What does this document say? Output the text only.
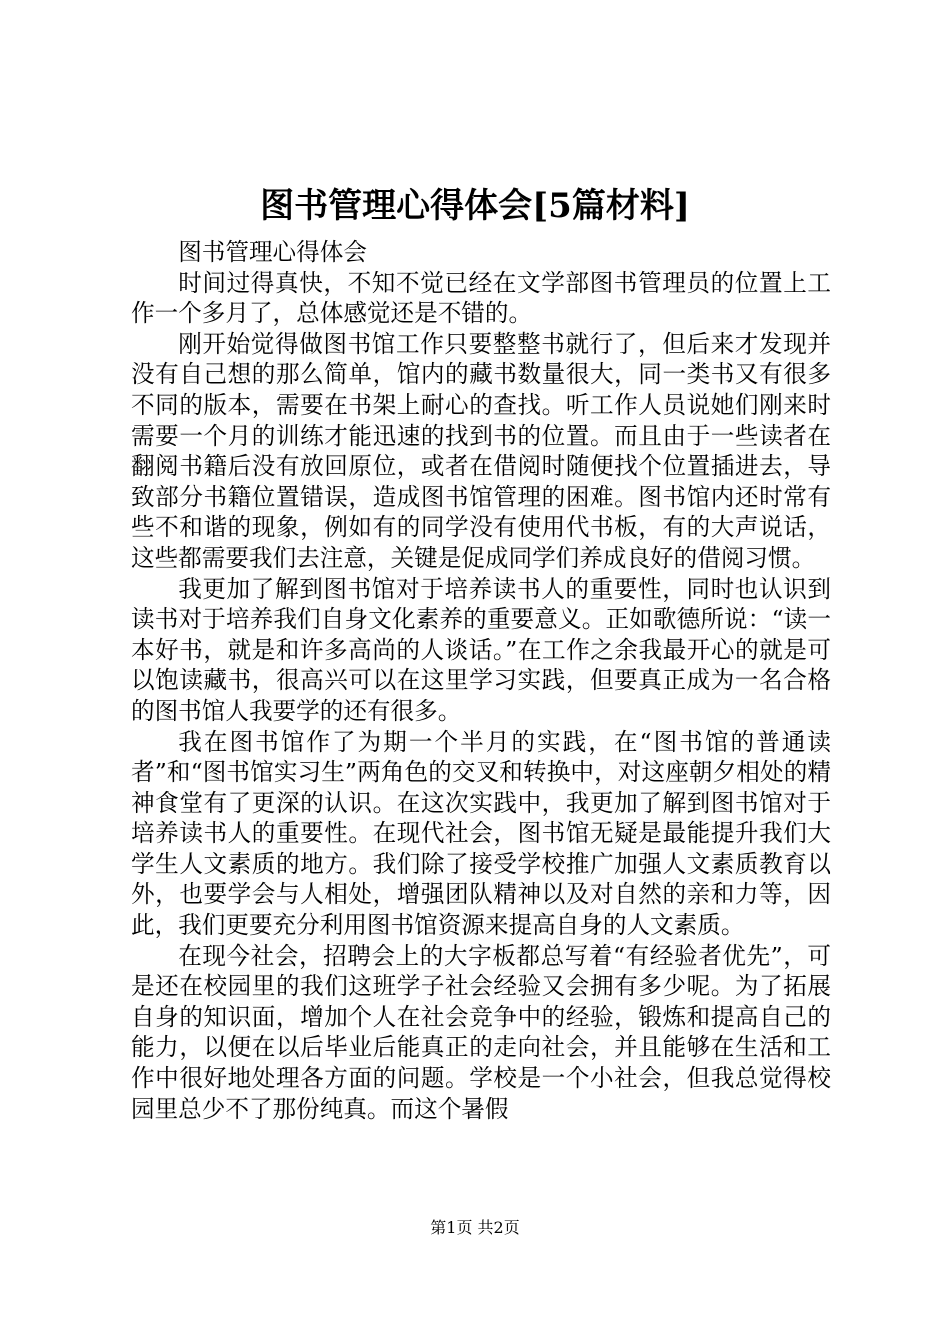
图书管理心得体会[5篇材料]

图书管理心得体会

时间过得真快，不知不觉已经在文学部图书管理员的位置上工作一个多月了，总体感觉还是不错的。

刚开始觉得做图书馆工作只要整整书就行了，但后来才发现并没有自己想的那么简单，馆内的藏书数量很大，同一类书又有很多不同的版本，需要在书架上耐心的查找。听工作人员说她们刚来时需要一个月的训练才能迅速的找到书的位置。而且由于一些读者在翻阅书籍后没有放回原位，或者在借阅时随便找个位置插进去，导致部分书籍位置错误，造成图书馆管理的困难。图书馆内还时常有些不和谐的现象，例如有的同学没有使用代书板，有的大声说话，这些都需要我们去注意，关键是促成同学们养成良好的借阅习惯。

我更加了解到图书馆对于培养读书人的重要性，同时也认识到读书对于培养我们自身文化素养的重要意义。正如歌德所说：“读一本好书，就是和许多高尚的人谈话。”在工作之余我最开心的就是可以饱读藏书，很高兴可以在这里学习实践，但要真正成为一名合格的图书馆人我要学的还有很多。

我在图书馆作了为期一个半月的实践，在“图书馆的普通读者”和“图书馆实习生”两角色的交叉和转换中，对这座朝夕相处的精神食堂有了更深的认识。在这次实践中，我更加了解到图书馆对于培养读书人的重要性。在现代社会，图书馆无疑是最能提升我们大学生人文素质的地方。我们除了接受学校推广加强人文素质教育以外，也要学会与人相处，增强团队精神以及对自然的亲和力等，因此，我们更要充分利用图书馆资源来提高自身的人文素质。

在现今社会，招聘会上的大字板都总写着“有经验者优先”，可是还在校园里的我们这班学子社会经验又会拥有多少呢。为了拓展自身的知识面，增加个人在社会竞争中的经验，锻炼和提高自己的能力，以便在以后毕业后能真正的走向社会，并且能够在生活和工作中很好地处理各方面的问题。学校是一个小社会，但我总觉得校园里总少不了那份纯真。而这个暑假

第1页 共2页
